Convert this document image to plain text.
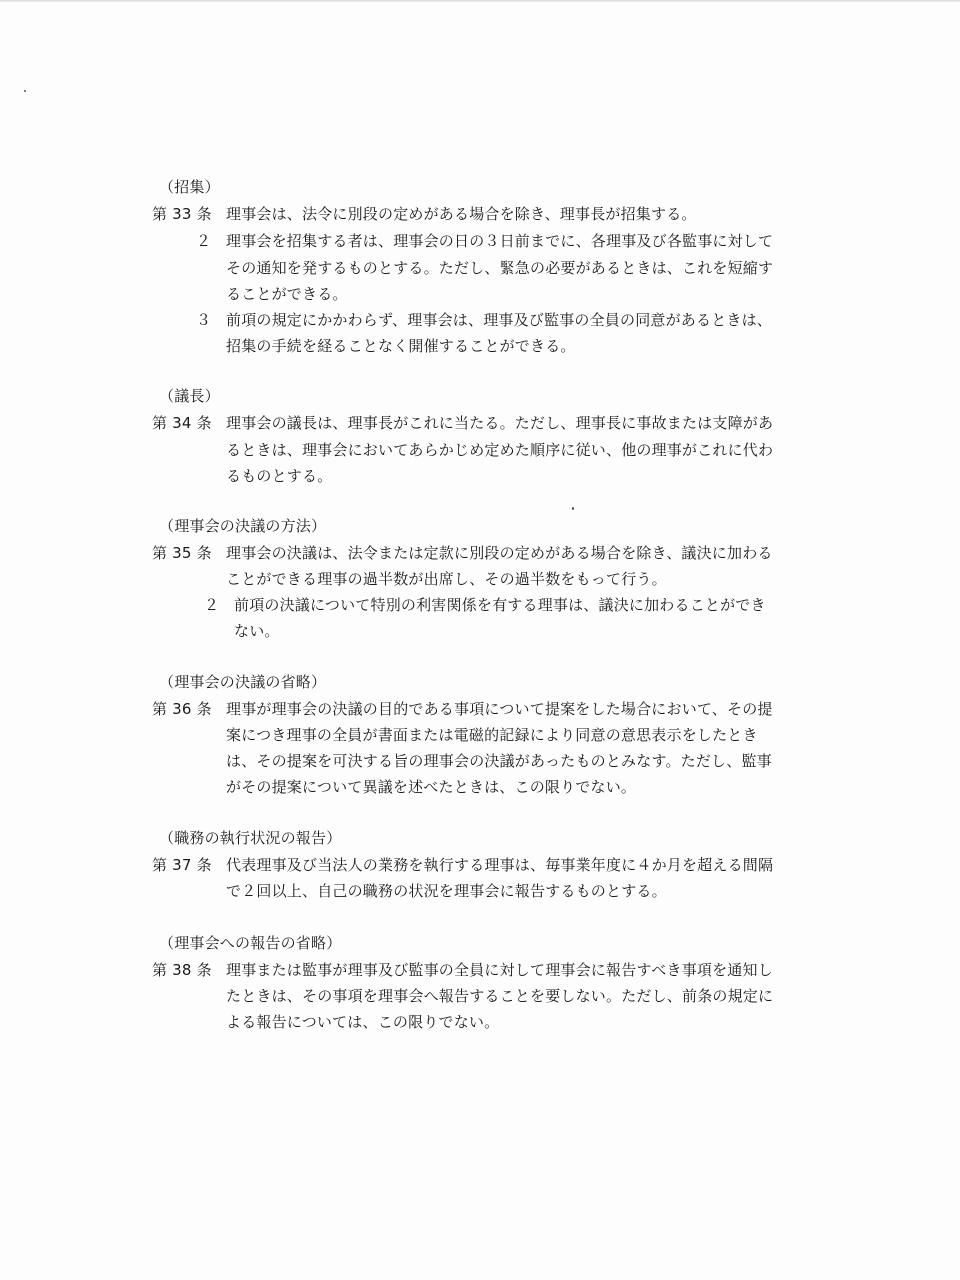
（招集）
第 33 条 理事会は、法令に別段の定めがある場合を除き、理事長が招集する。
２ 理事会を招集する者は、理事会の日の３日前までに、各理事及び各監事に対して
その通知を発するものとする。ただし、緊急の必要があるときは、これを短縮す
ることができる。
３ 前項の規定にかかわらず、理事会は、理事及び監事の全員の同意があるときは、
招集の手続を経ることなく開催することができる。
（議長）
第 34 条 理事会の議長は、理事長がこれに当たる。ただし、理事長に事故または支障があ
るときは、理事会においてあらかじめ定めた順序に従い、他の理事がこれに代わ
るものとする。
（理事会の決議の方法）
第 35 条 理事会の決議は、法令または定款に別段の定めがある場合を除き、議決に加わる
ことができる理事の過半数が出席し、その過半数をもって行う。
２ 前項の決議について特別の利害関係を有する理事は、議決に加わることができ
ない。
（理事会の決議の省略）
第 36 条 理事が理事会の決議の目的である事項について提案をした場合において、その提
案につき理事の全員が書面または電磁的記録により同意の意思表示をしたとき
は、その提案を可決する旨の理事会の決議があったものとみなす。ただし、監事
がその提案について異議を述べたときは、この限りでない。
（職務の執行状況の報告）
第 37 条 代表理事及び当法人の業務を執行する理事は、毎事業年度に４か月を超える間隔
で２回以上、自己の職務の状況を理事会に報告するものとする。
（理事会への報告の省略）
第 38 条 理事または監事が理事及び監事の全員に対して理事会に報告すべき事項を通知し
たときは、その事項を理事会へ報告することを要しない。ただし、前条の規定に
よる報告については、この限りでない。
